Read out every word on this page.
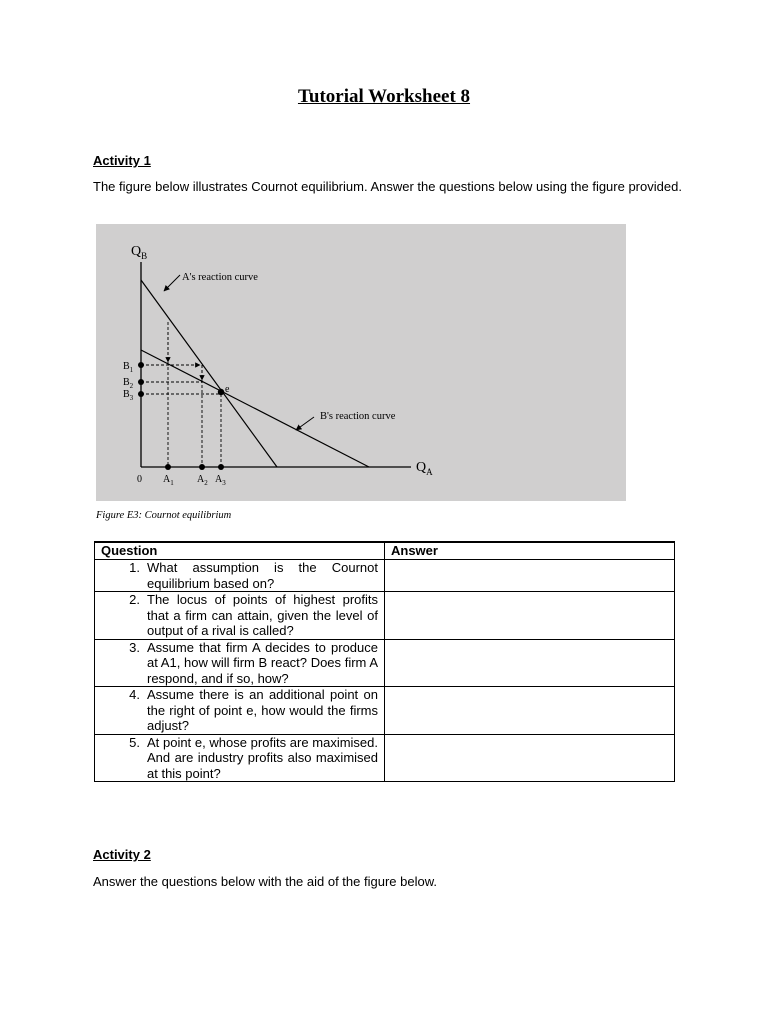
Tutorial Worksheet 8
Activity 1
The figure below illustrates Cournot equilibrium. Answer the questions below using the figure provided.
$Q_B$
$Q_A$
0
A's reaction curve
B's reaction curve
e
$B_1$
$B_2$
$B_3$
$A_1$ $A_2$ $A_3$
Figure E3: Cournot equilibrium
Question	Answer

1. What assumption is the Cournot equilibrium based on?	

2. The locus of points of highest profits that a firm can attain, given the level of output of a rival is called?	

3. Assume that firm A decides to produce at A1, how will firm B react? Does firm A respond, and if so, how?	

4. Assume there is an additional point on the right of point e, how would the firms adjust?	

5. At point e, whose profits are maximised. And are industry profits also maximised at this point?	

Activity 2
Answer the questions below with the aid of the figure below.
